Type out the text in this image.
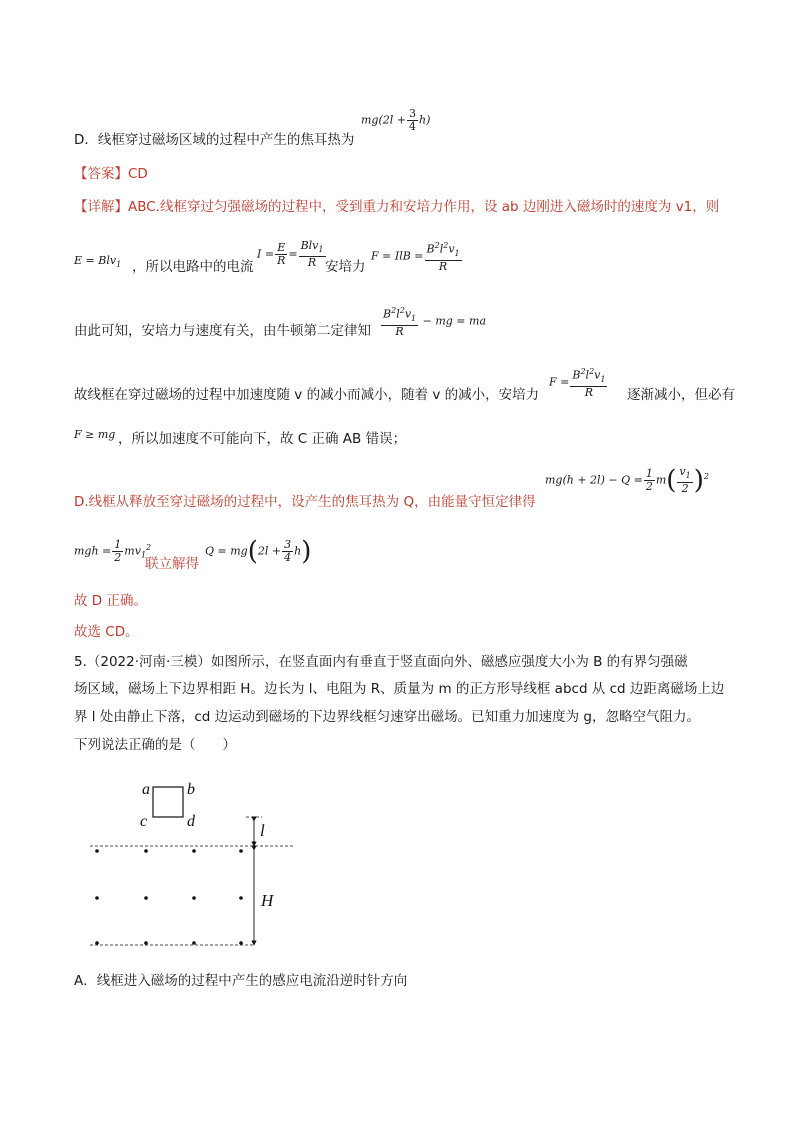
D．线框穿过磁场区域的过程中产生的焦耳热为
$mg(2l + \frac{3}{4} h)$
【答案】CD
【详解】ABC.线框穿过匀强磁场的过程中，受到重力和安培力作用，设 ab 边刚进入磁场时的速度为 v1，则
E = Blv$_1$ ，所以电路中的电流
$I = \frac{E}{R} = \frac{Blv_1}{R}$ 安培力
F = IlB = $\frac{B^2l^2v_1}{R}$
由此可知，安培力与速度有关，由牛顿第二定律知 $\frac{B^2l^2v_1}{R}$ − mg = ma
故线框在穿过磁场的过程中加速度随 v 的减小而减小，随着 v 的减小，安培力
$F = \frac{B^2l^2v_1}{R}$ 逐渐减小，但必有
F ≥ mg ，所以加速度不可能向下，故 C 正确 AB 错误；
D.线框从释放至穿过磁场的过程中，设产生的焦耳热为 Q，由能量守恒定律得
$mg(h + 2l) - Q = \frac{1}{2} m( \frac{v_1}{2} )^2$
mgh = $\frac{1}{2} mv_1^2$
联立解得
$Q = mg(2l + \frac{3}{4} h)$
故 D 正确。
故选 CD。
5.（2022·河南·三模）如图所示，在竖直面内有垂直于竖直面向外、磁感应强度大小为 B 的有界匀强磁
场区域，磁场上下边界相距 H。边长为 l、电阻为 R、质量为 m 的正方形导线框 abcd 从 cd 边距离磁场上边
界 l 处由静止下落，cd 边运动到磁场的下边界线框匀速穿出磁场。已知重力加速度为 g，忽略空气阻力。
下列说法正确的是（　　）
a b
c d	l
H
A．线框进入磁场的过程中产生的感应电流沿逆时针方向
